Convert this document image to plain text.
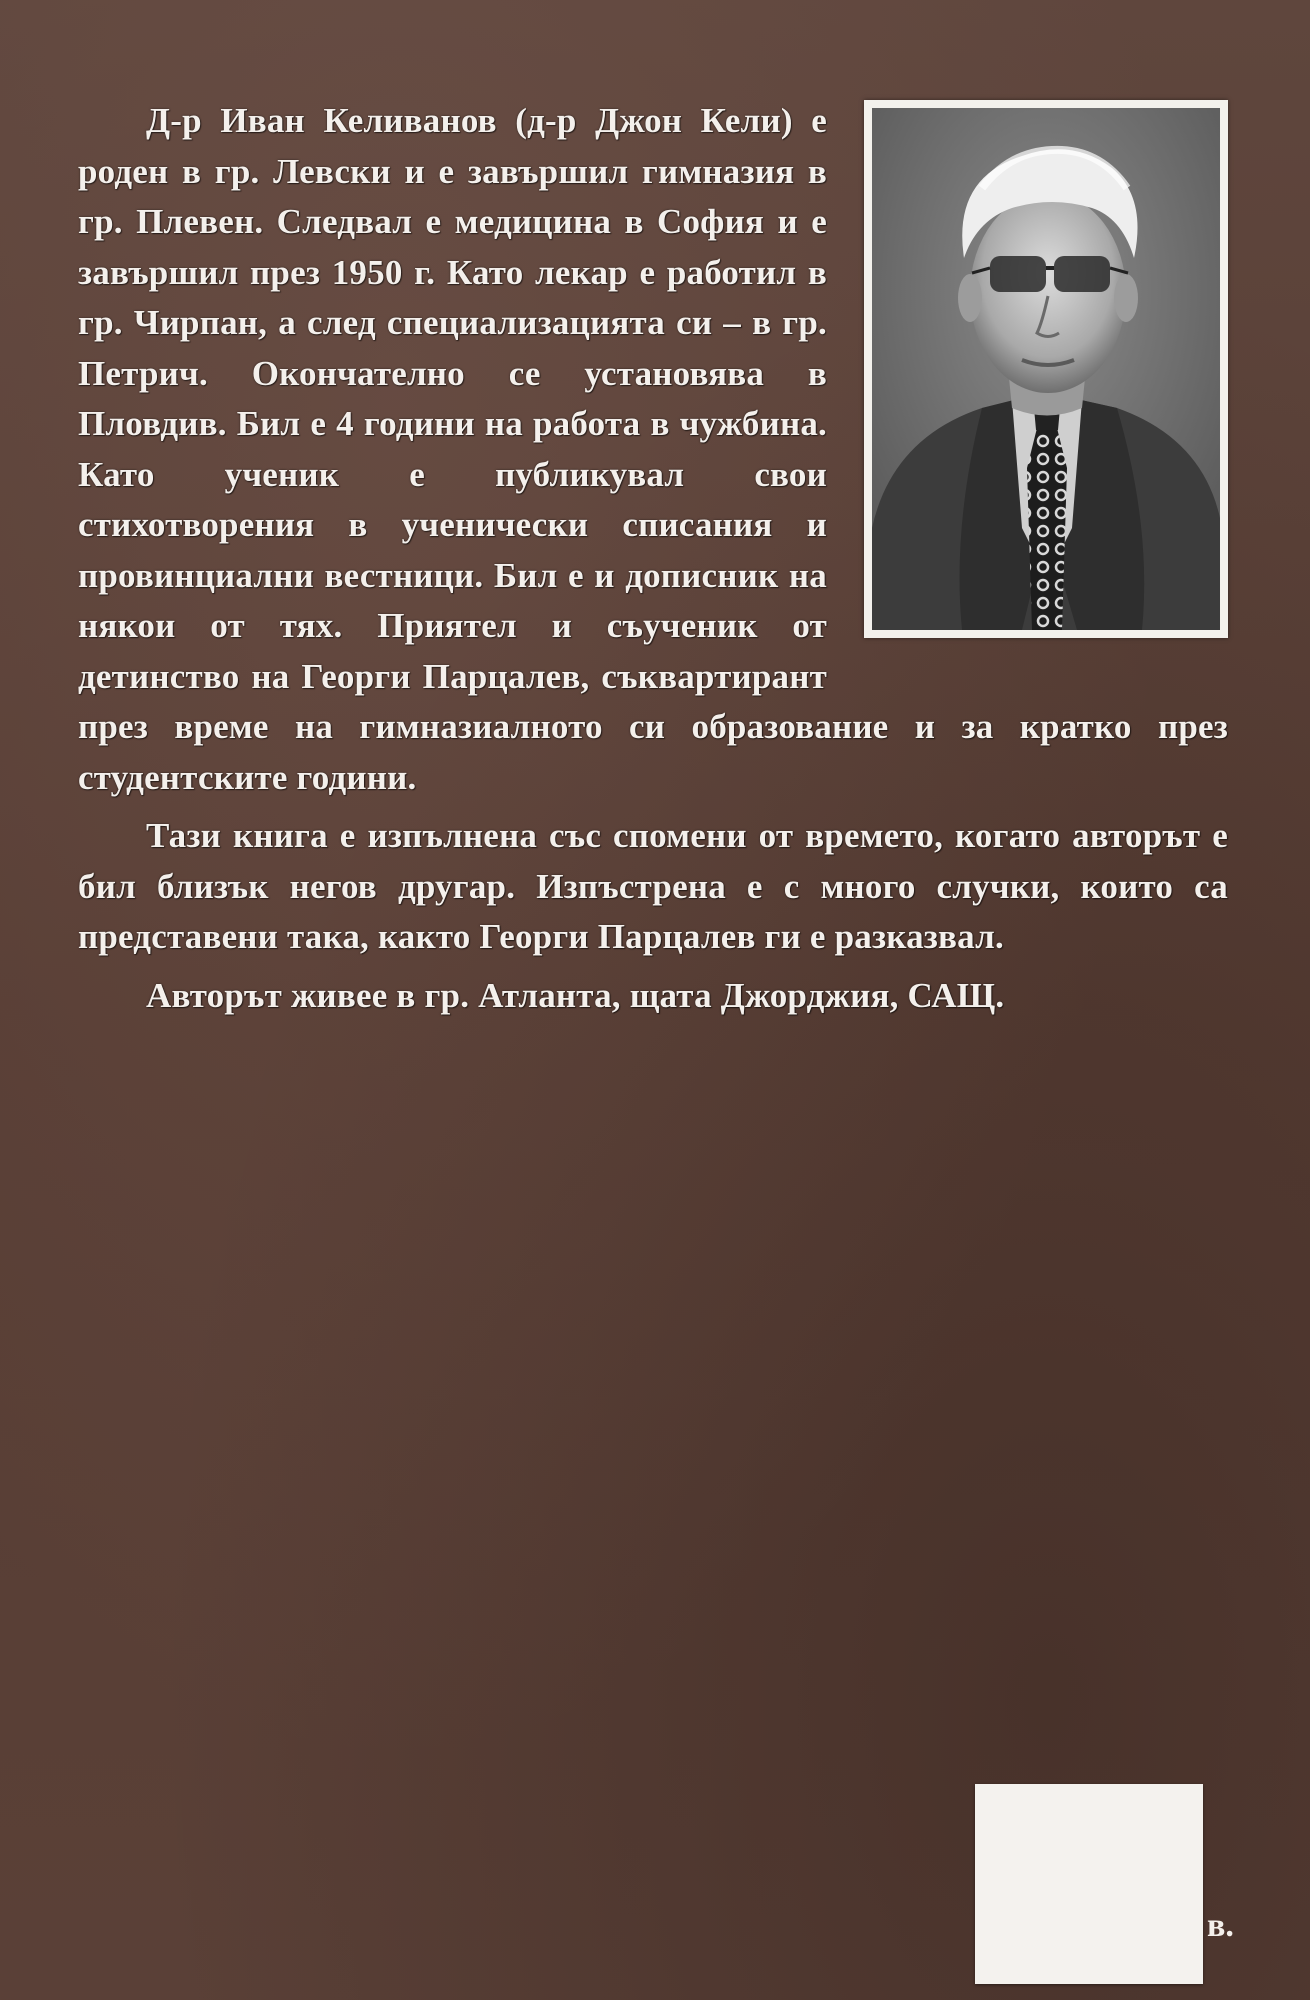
Д-р Иван Келиванов (д-р Джон Кели) е роден в гр. Левски и е завършил гимназия в гр. Плевен. Следвал е медицина в София и е завършил през 1950 г. Като лекар е работил в гр. Чирпан, а след специализацията си – в гр. Петрич. Окончателно се установява в Пловдив. Бил е 4 години на работа в чужбина. Като ученик е публикувал свои стихотворения в ученически списания и провинциални вестници. Бил е и дописник на някои от тях. Приятел и съученик от детинство на Георги Парцалев, съквартирант през време на гимназиалното си образование и за кратко през студентските години.

Тази книга е изпълнена със спомени от времето, когато авторът е бил близък негов другар. Изпъстрена е с много случки, които са представени така, както Георги Парцалев ги е разказвал.

Авторът живее в гр. Атланта, щата Джорджия, САЩ.

в.
